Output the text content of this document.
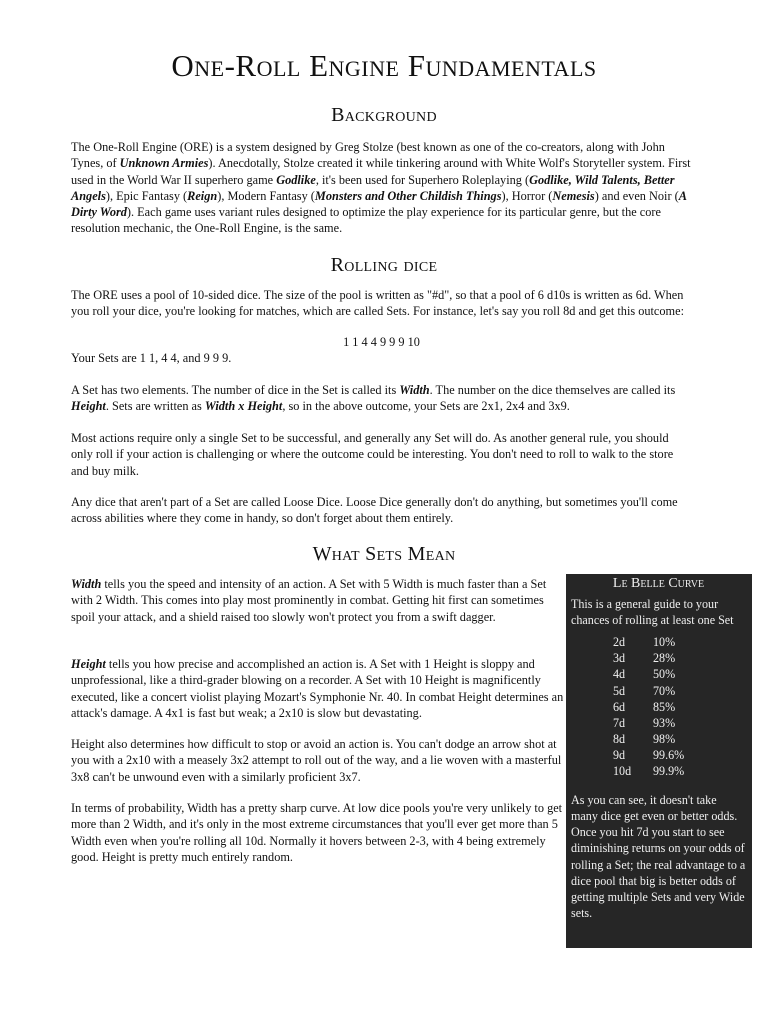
One-Roll Engine Fundamentals
Background

The One-Roll Engine (ORE) is a system designed by Greg Stolze (best known as one of the co-creators, along with John Tynes, of Unknown Armies). Anecdotally, Stolze created it while tinkering around with White Wolf's Storyteller system. First used in the World War II superhero game Godlike, it's been used for Superhero Roleplaying (Godlike, Wild Talents, Better Angels), Epic Fantasy (Reign), Modern Fantasy (Monsters and Other Childish Things), Horror (Nemesis) and even Noir (A Dirty Word). Each game uses variant rules designed to optimize the play experience for its particular genre, but the core resolution mechanic, the One-Roll Engine, is the same.

Rolling dice

The ORE uses a pool of 10-sided dice. The size of the pool is written as "#d", so that a pool of 6 d10s is written as 6d. When you roll your dice, you're looking for matches, which are called Sets. For instance, let's say you roll 8d and get this outcome:

1 1 4 4 9 9 9 10

Your Sets are 1 1, 4 4, and 9 9 9.

A Set has two elements. The number of dice in the Set is called its Width. The number on the dice themselves are called its Height. Sets are written as Width x Height, so in the above outcome, your Sets are 2x1, 2x4 and 3x9.

Most actions require only a single Set to be successful, and generally any Set will do. As another general rule, you should only roll if your action is challenging or where the outcome could be interesting. You don't need to roll to walk to the store and buy milk.

Any dice that aren't part of a Set are called Loose Dice. Loose Dice generally don't do anything, but sometimes you'll come across abilities where they come in handy, so don't forget about them entirely.

What Sets Mean

Width tells you the speed and intensity of an action. A Set with 5 Width is much faster than a Set with 2 Width. This comes into play most prominently in combat. Getting hit first can sometimes spoil your attack, and a shield raised too slowly won't protect you from a swift dagger.

Height tells you how precise and accomplished an action is. A Set with 1 Height is sloppy and unprofessional, like a third-grader blowing on a recorder. A Set with 10 Height is magnificently executed, like a concert violist playing Mozart's Symphonie Nr. 40. In combat Height determines an attack's damage. A 4x1 is fast but weak; a 2x10 is slow but devastating.

Height also determines how difficult to stop or avoid an action is. You can't dodge an arrow shot at you with a 2x10 with a measely 3x2 attempt to roll out of the way, and a lie woven with a masterful 3x8 can't be unwound even with a similarly proficient 3x7.

In terms of probability, Width has a pretty sharp curve. At low dice pools you're very unlikely to get more than 2 Width, and it's only in the most extreme circumstances that you'll ever get more than 5 Width even when you're rolling all 10d. Normally it hovers between 2-3, with 4 being extremely good. Height is pretty much entirely random.

Le Belle Curve

This is a general guide to your chances of rolling at least one Set

2d	10%
3d	28%
4d	50%
5d	70%
6d	85%
7d	93%
8d	98%
9d	99.6%
10d	99.9%

As you can see, it doesn't take many dice get even or better odds. Once you hit 7d you start to see diminishing returns on your odds of rolling a Set; the real advantage to a dice pool that big is better odds of getting multiple Sets and very Wide sets.
